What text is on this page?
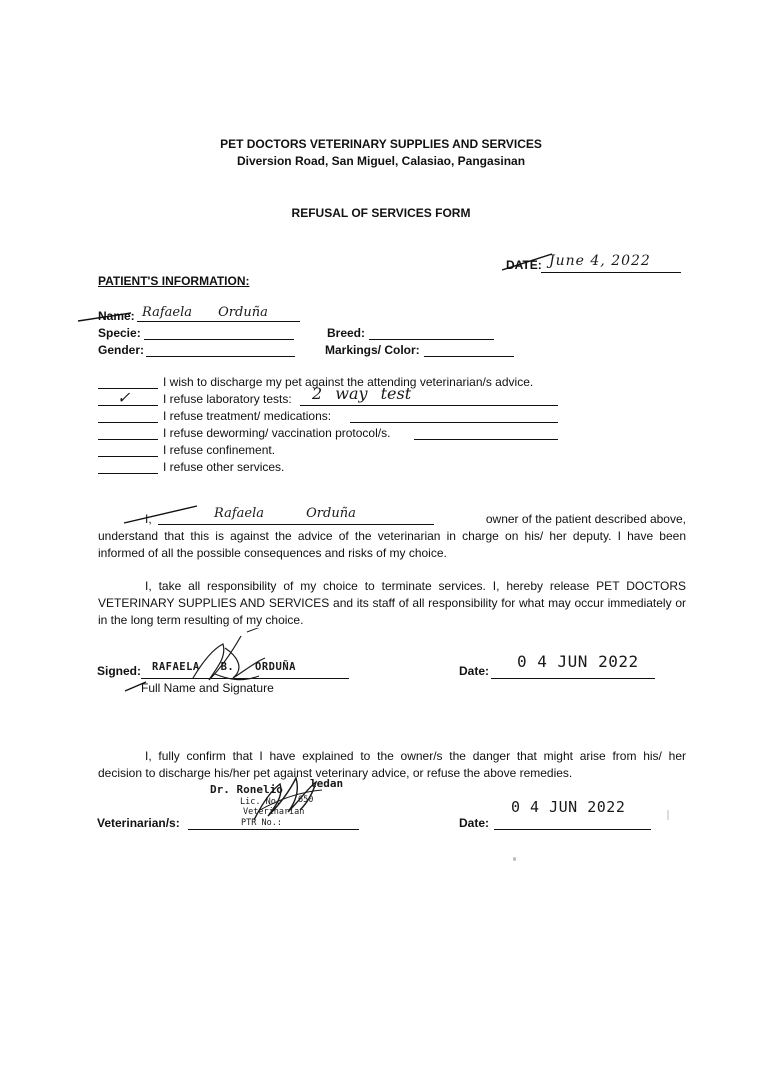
PET DOCTORS VETERINARY SUPPLIES AND SERVICES
Diversion Road, San Miguel, Calasiao, Pangasinan
REFUSAL OF SERVICES FORM
DATE: June 4, 2022
PATIENT'S INFORMATION:
Name: Rafaela Orduña
Specie:	Breed:
Gender:	Markings/ Color:
I wish to discharge my pet against the attending veterinarian/s advice.
✓	I refuse laboratory tests: 2 way test
I refuse treatment/ medications:
I refuse deworming/ vaccination protocol/s.
I refuse confinement.
I refuse other services.
I,	Rafaela Orduña	owner of the patient described above,
understand that this is against the advice of the veterinarian in charge on his/ her deputy. I have been
informed of all the possible consequences and risks of my choice.
I, take all responsibility of my choice to terminate services. I, hereby release PET DOCTORS
VETERINARY SUPPLIES AND SERVICES and its staff of all responsibility for what may occur immediately or
in the long term resulting of my choice.
Signed: RAFAELA B. ORDUÑA
Full Name and Signature
Date: 0 4 JUN 2022
I, fully confirm that I have explained to the owner/s the danger that might arise from his/ her
decision to discharge his/her pet against veterinary advice, or refuse the above remedies.
Dr. Ronelio ledan
Lic. No. 650
Veterinarian
PTR No.:
Veterinarian/s:	Date:
0 4 JUN 2022
